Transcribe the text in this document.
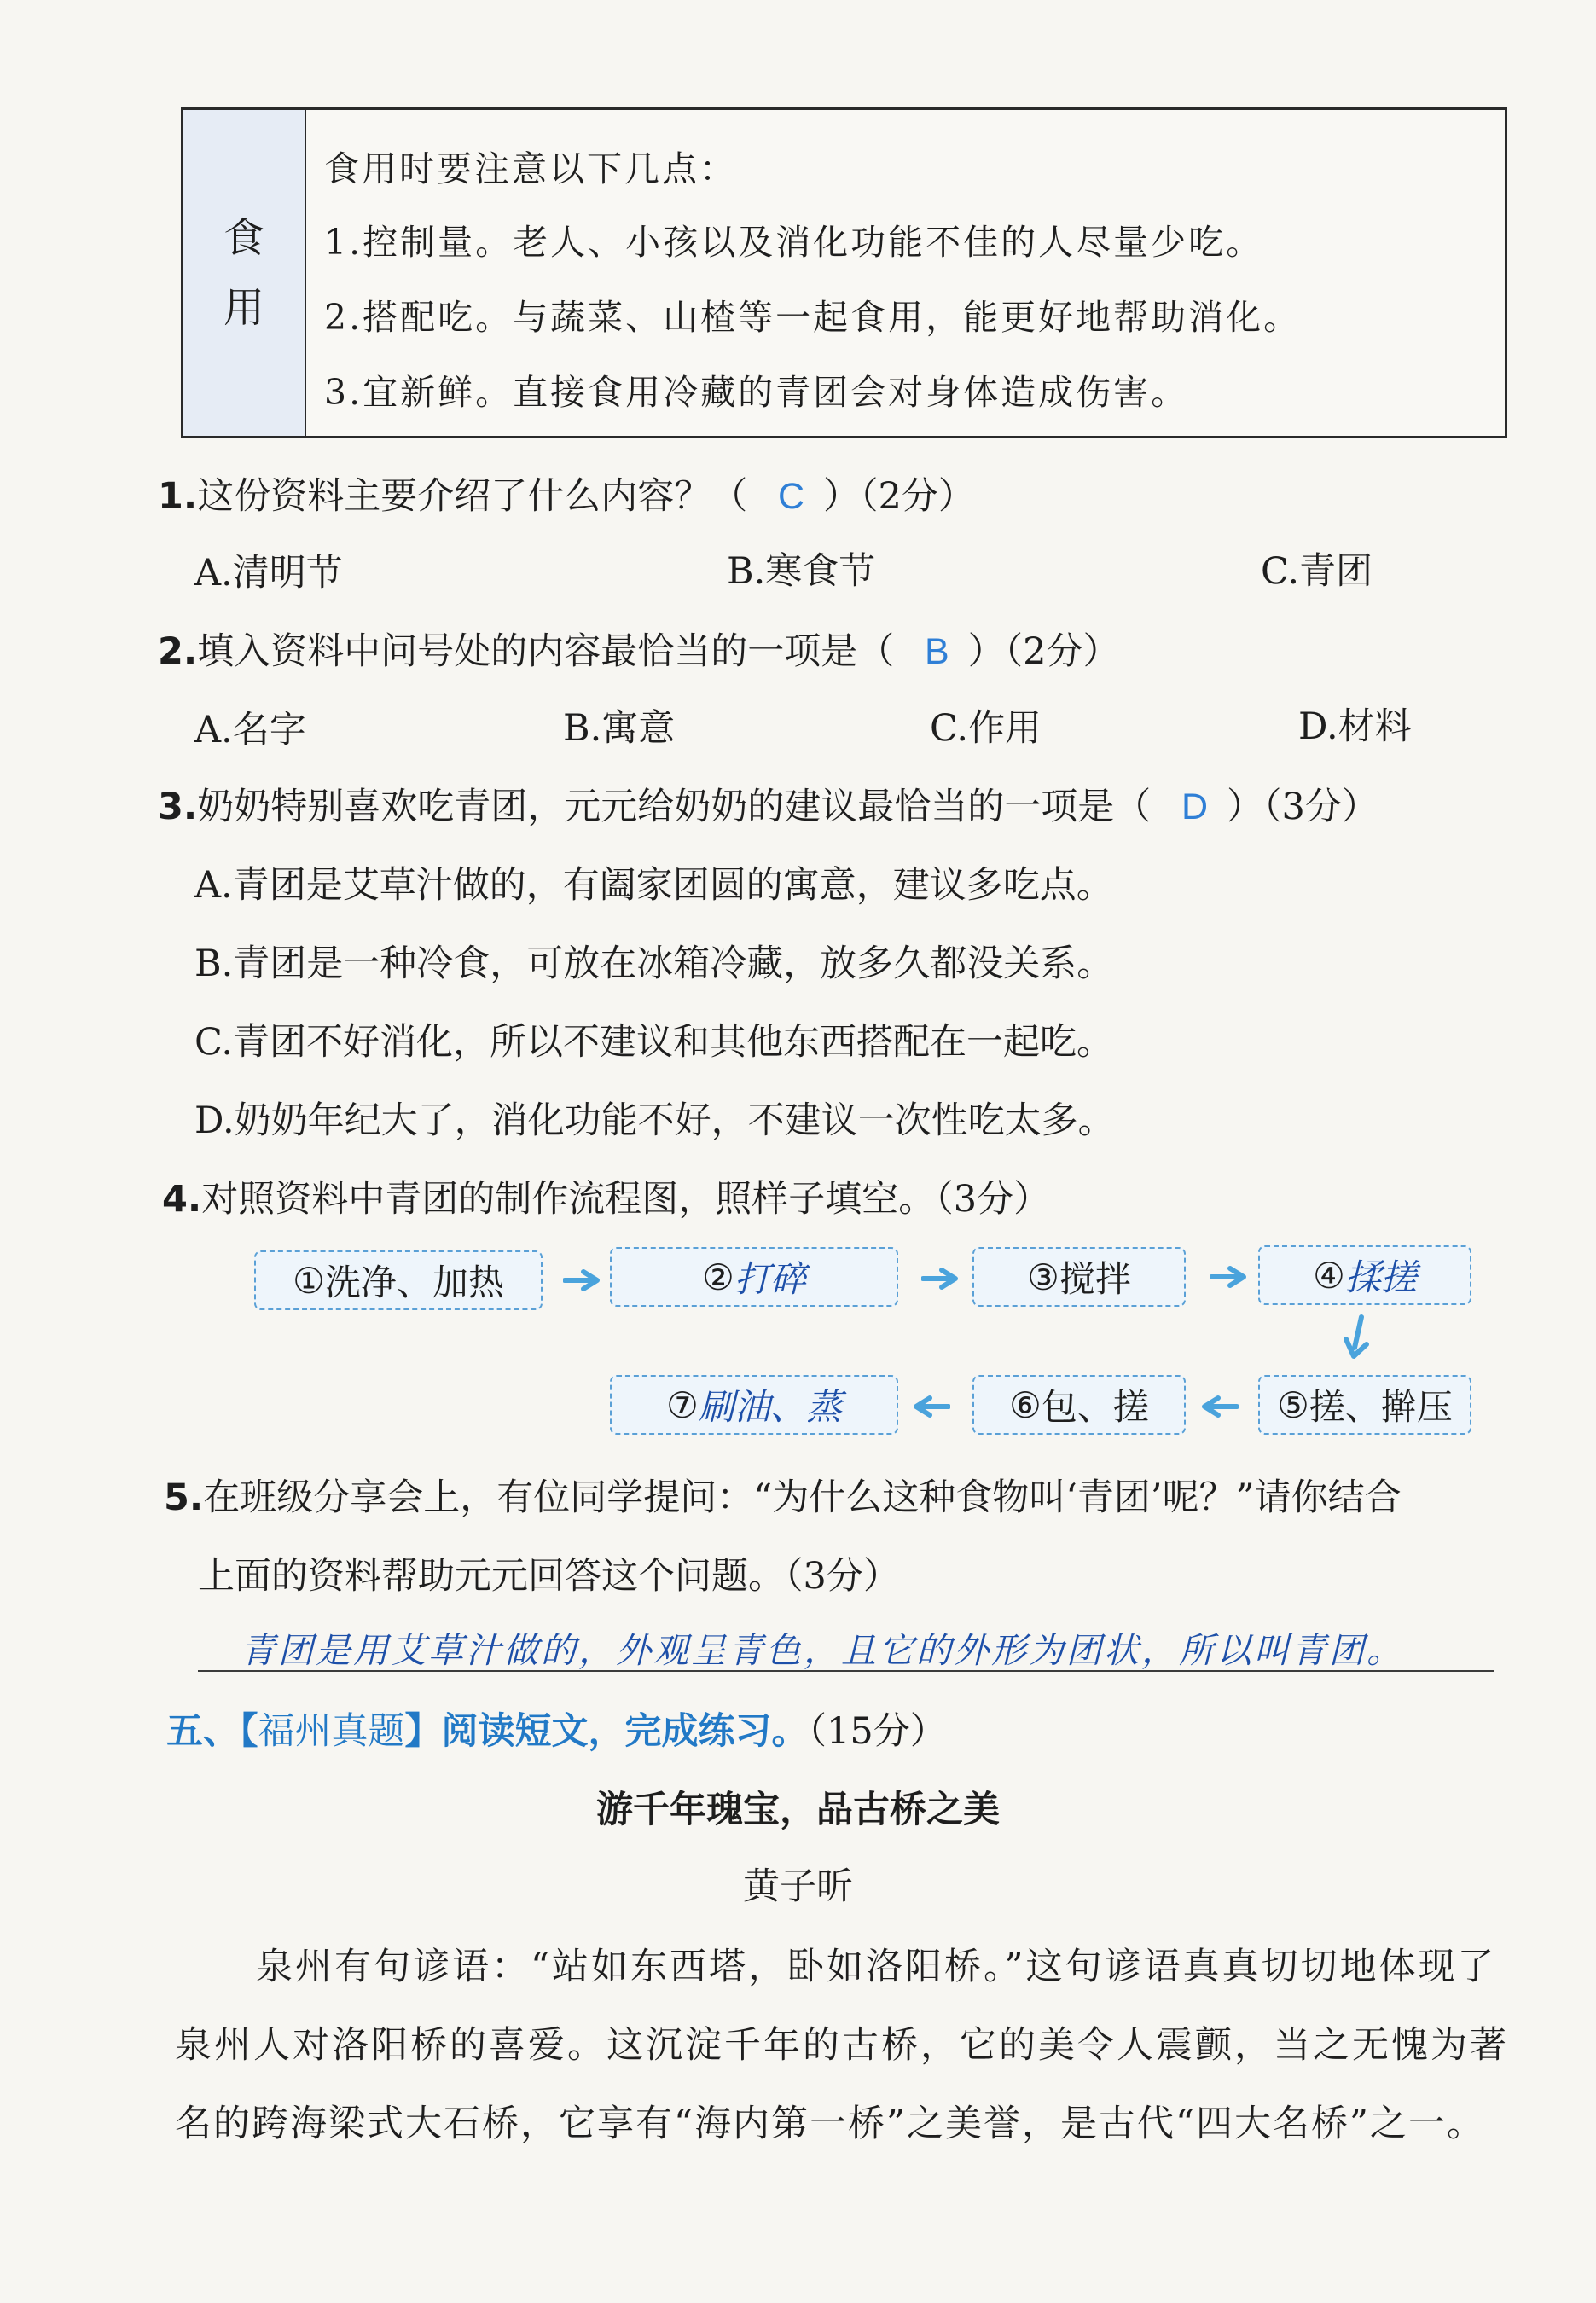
食
用
食用时要注意以下几点：
1.控制量。老人、小孩以及消化功能不佳的人尽量少吃。
2.搭配吃。与蔬菜、山楂等一起食用，能更好地帮助消化。
3.宜新鲜。直接食用冷藏的青团会对身体造成伤害。
1.这份资料主要介绍了什么内容？（ C ）（2分）
A.清明节	B.寒食节	C.青团
2.填入资料中问号处的内容最恰当的一项是（ B ）（2分）
A.名字	B.寓意	C.作用	D.材料
3.奶奶特别喜欢吃青团，元元给奶奶的建议最恰当的一项是（ D ）（3分）
A.青团是艾草汁做的，有阖家团圆的寓意，建议多吃点。
B.青团是一种冷食，可放在冰箱冷藏，放多久都没关系。
C.青团不好消化，所以不建议和其他东西搭配在一起吃。
D.奶奶年纪大了，消化功能不好，不建议一次性吃太多。
4.对照资料中青团的制作流程图，照样子填空。（3分）
① 洗净、加热	② 打碎	③ 搅拌	④ 揉搓
⑦ 刷油、蒸	⑥ 包、搓	⑤ 搓、擀压
5.在班级分享会上，有位同学提问：“为什么这种食物叫‘青团’呢？”请你结合
上面的资料帮助元元回答这个问题。（3分）
青团是用艾草汁做的，外观呈青色，且它的外形为团状，所以叫青团。
五、【福州真题】阅读短文，完成练习。（15分）
游千年瑰宝，品古桥之美
黄子昕
泉州有句谚语：“站如东西塔，卧如洛阳桥。”这句谚语真真切切地体现了
泉州人对洛阳桥的喜爱。这沉淀千年的古桥，它的美令人震颤，当之无愧为著
名的跨海梁式大石桥，它享有“海内第一桥”之美誉，是古代“四大名桥”之一。
